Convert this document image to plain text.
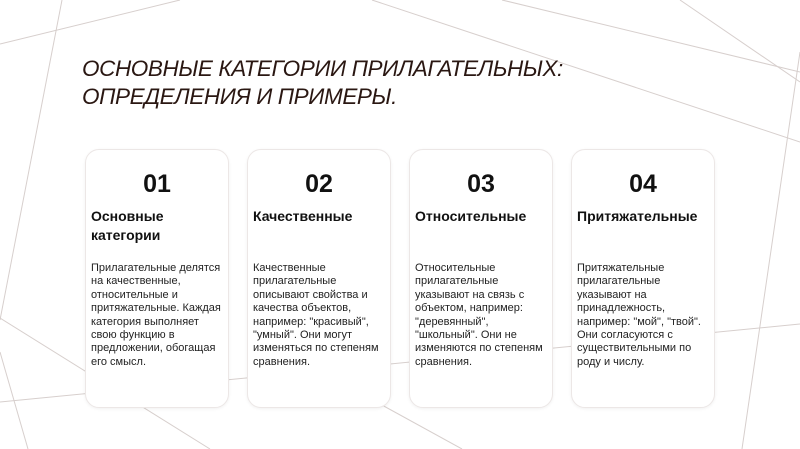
ОСНОВНЫЕ КАТЕГОРИИ ПРИЛАГАТЕЛЬНЫХ: ОПРЕДЕЛЕНИЯ И ПРИМЕРЫ.
01
Основные категории
Прилагательные делятся на качественные, относительные и притяжательные. Каждая категория выполняет свою функцию в предложении, обогащая его смысл.
02
Качественные
Качественные прилагательные описывают свойства и качества объектов, например: "красивый", "умный". Они могут изменяться по степеням сравнения.
03
Относительные
Относительные прилагательные указывают на связь с объектом, например: "деревянный", "школьный". Они не изменяются по степеням сравнения.
04
Притяжательные
Притяжательные прилагательные указывают на принадлежность, например: "мой", "твой". Они согласуются с существительными по роду и числу.
